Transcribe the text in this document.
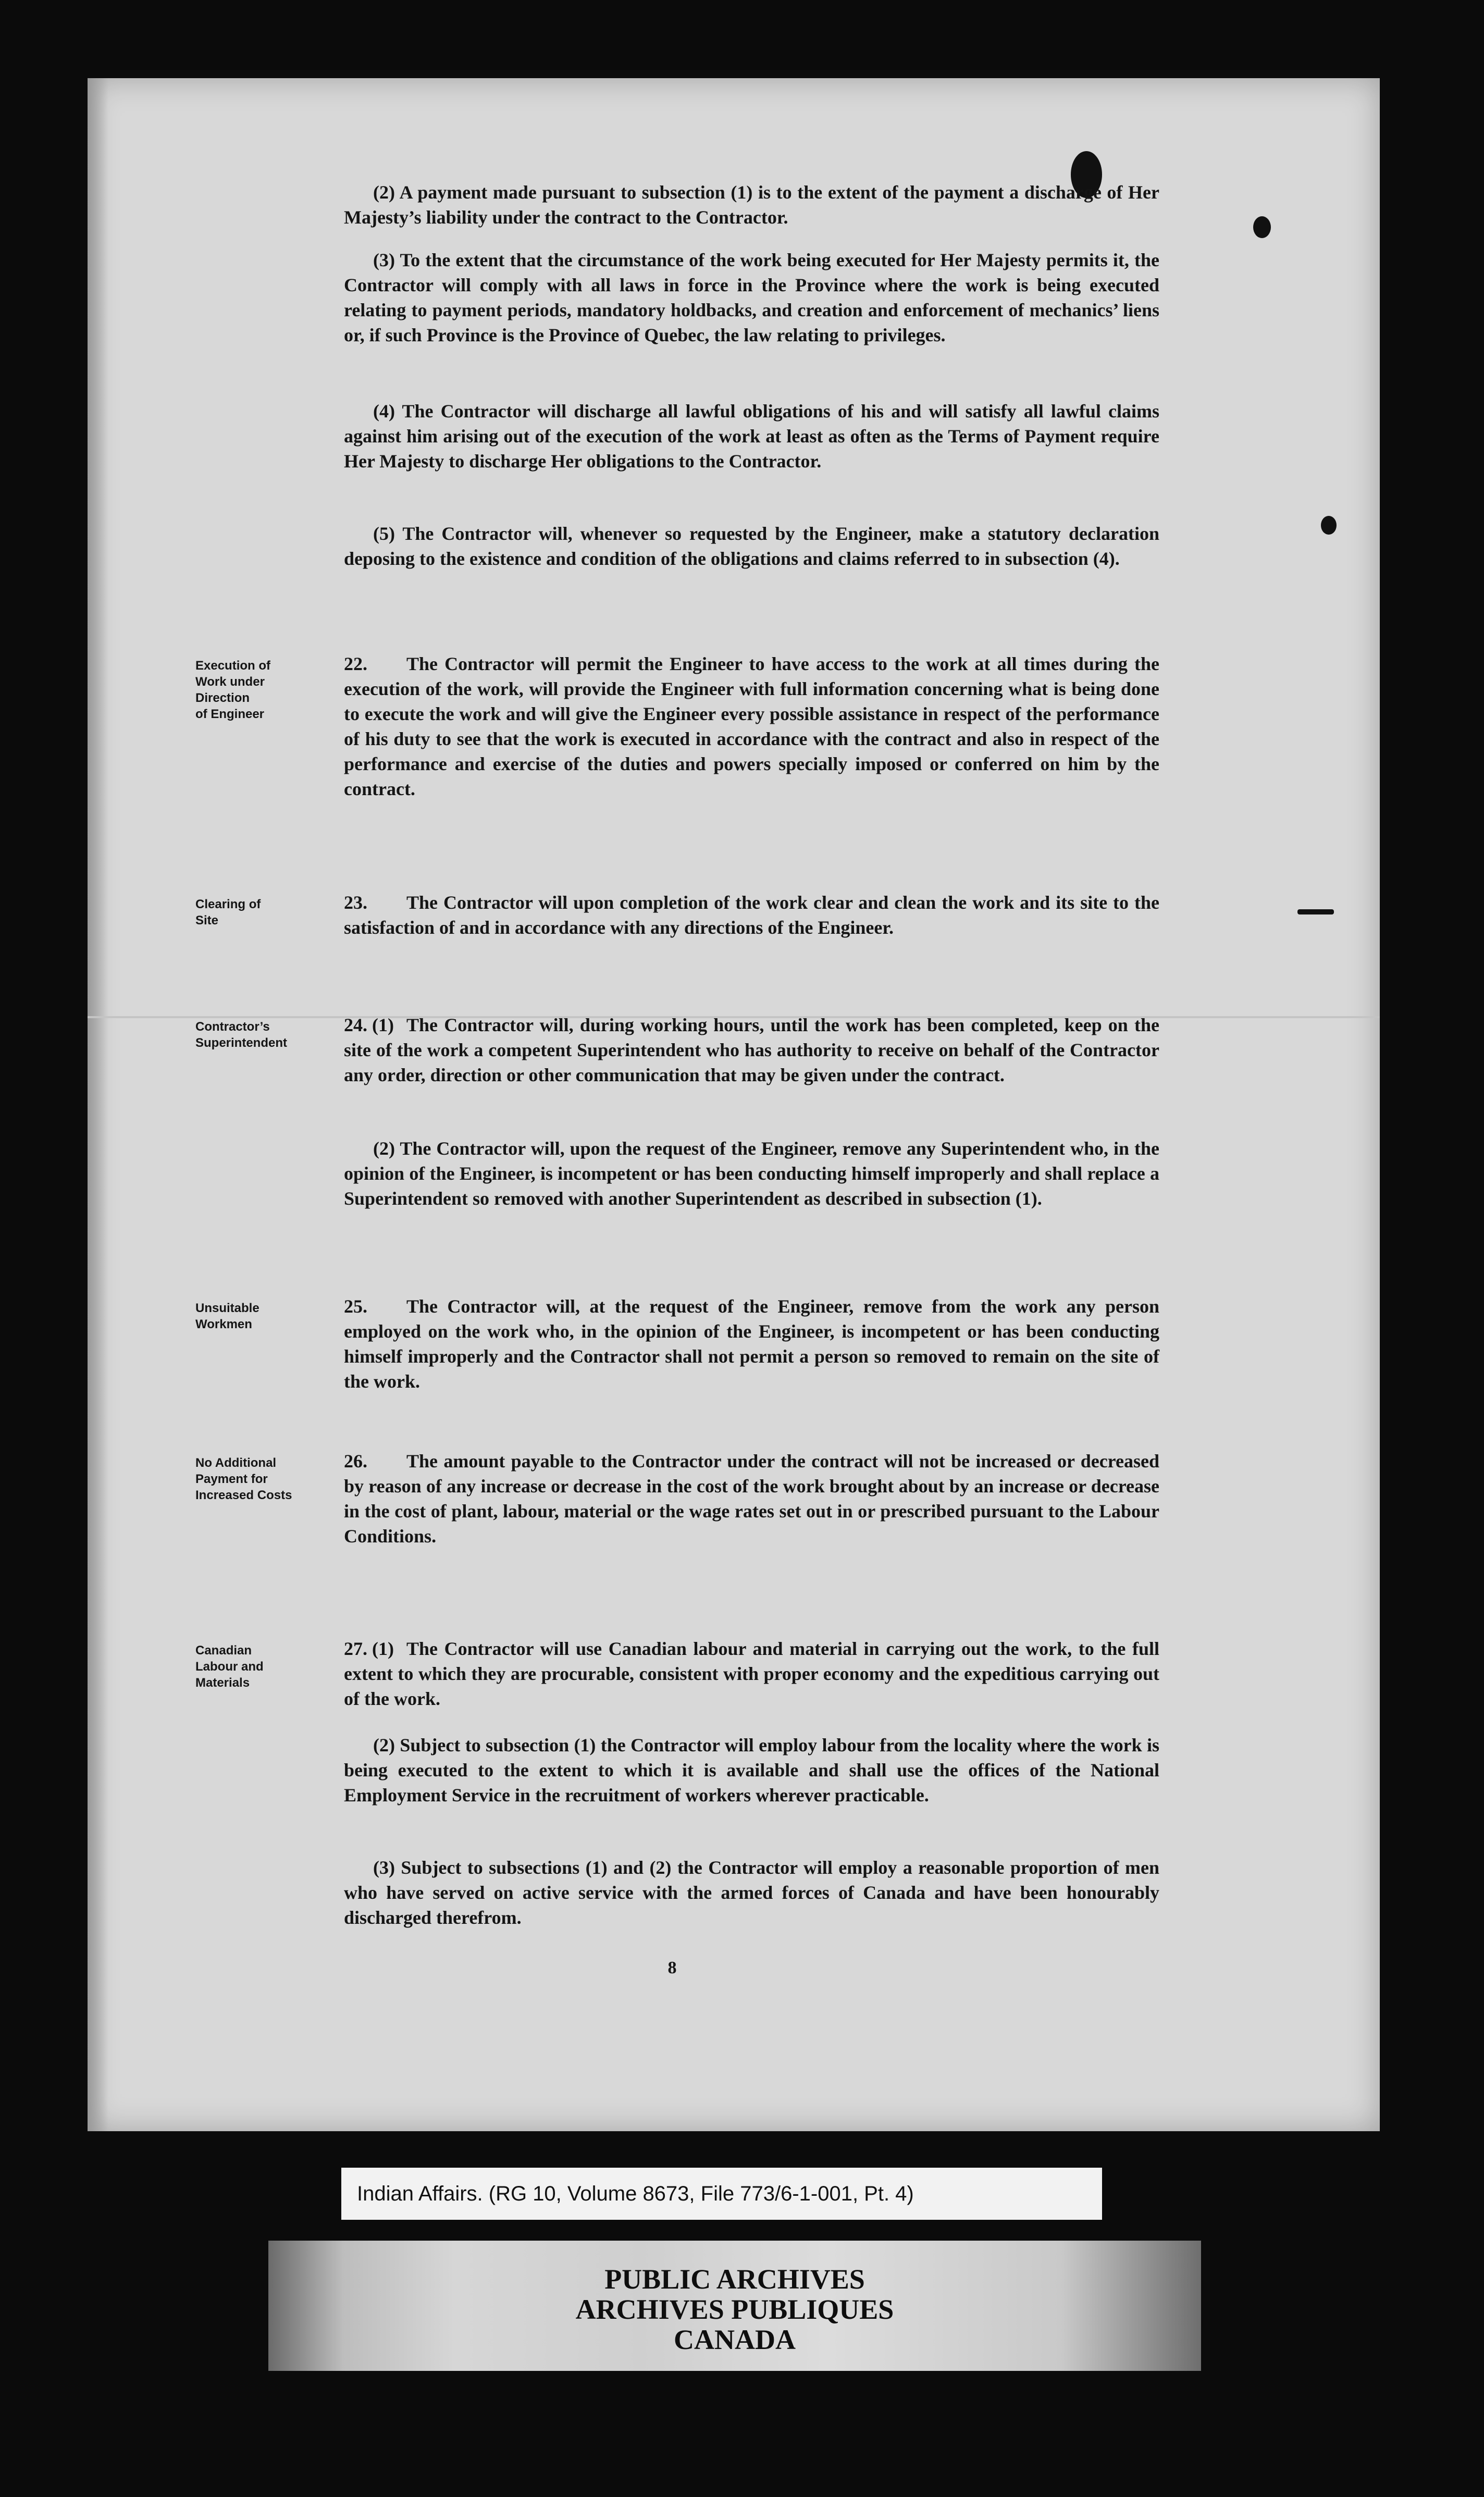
(2) A payment made pursuant to subsection (1) is to the extent of the payment a discharge of Her Majesty’s liability under the contract to the Contractor.
(3) To the extent that the circumstance of the work being executed for Her Majesty permits it, the Contractor will comply with all laws in force in the Province where the work is being executed relating to payment periods, mandatory holdbacks, and creation and enforcement of mechanics’ liens or, if such Province is the Province of Quebec, the law relating to privileges.
(4) The Contractor will discharge all lawful obligations of his and will satisfy all lawful claims against him arising out of the execution of the work at least as often as the Terms of Payment require Her Majesty to discharge Her obligations to the Contractor.
(5) The Contractor will, whenever so requested by the Engineer, make a statutory declaration deposing to the existence and condition of the obligations and claims referred to in subsection (4).
Execution of
Work under
Direction
of Engineer
22. The Contractor will permit the Engineer to have access to the work at all times during the execution of the work, will provide the Engineer with full information concerning what is being done to execute the work and will give the Engineer every possible assistance in respect of the performance of his duty to see that the work is executed in accordance with the contract and also in respect of the performance and exercise of the duties and powers specially imposed or conferred on him by the contract.
Clearing of
Site
23. The Contractor will upon completion of the work clear and clean the work and its site to the satisfaction of and in accordance with any directions of the Engineer.
Contractor’s
Superintendent
24. (1) The Contractor will, during working hours, until the work has been completed, keep on the site of the work a competent Superintendent who has authority to receive on behalf of the Contractor any order, direction or other communication that may be given under the contract.
(2) The Contractor will, upon the request of the Engineer, remove any Superintendent who, in the opinion of the Engineer, is incompetent or has been conducting himself improperly and shall replace a Superintendent so removed with another Superintendent as described in subsection (1).
Unsuitable
Workmen
25. The Contractor will, at the request of the Engineer, remove from the work any person employed on the work who, in the opinion of the Engineer, is incompetent or has been conducting himself improperly and the Contractor shall not permit a person so removed to remain on the site of the work.
No Additional
Payment for
Increased Costs
26. The amount payable to the Contractor under the contract will not be increased or decreased by reason of any increase or decrease in the cost of the work brought about by an increase or decrease in the cost of plant, labour, material or the wage rates set out in or prescribed pursuant to the Labour Conditions.
Canadian
Labour and
Materials
27. (1) The Contractor will use Canadian labour and material in carrying out the work, to the full extent to which they are procurable, consistent with proper economy and the expeditious carrying out of the work.
(2) Subject to subsection (1) the Contractor will employ labour from the locality where the work is being executed to the extent to which it is available and shall use the offices of the National Employment Service in the recruitment of workers wherever practicable.
(3) Subject to subsections (1) and (2) the Contractor will employ a reasonable proportion of men who have served on active service with the armed forces of Canada and have been honourably discharged therefrom.
8
Indian Affairs. (RG 10, Volume 8673, File 773/6-1-001, Pt. 4)
PUBLIC ARCHIVES
ARCHIVES PUBLIQUES
CANADA
